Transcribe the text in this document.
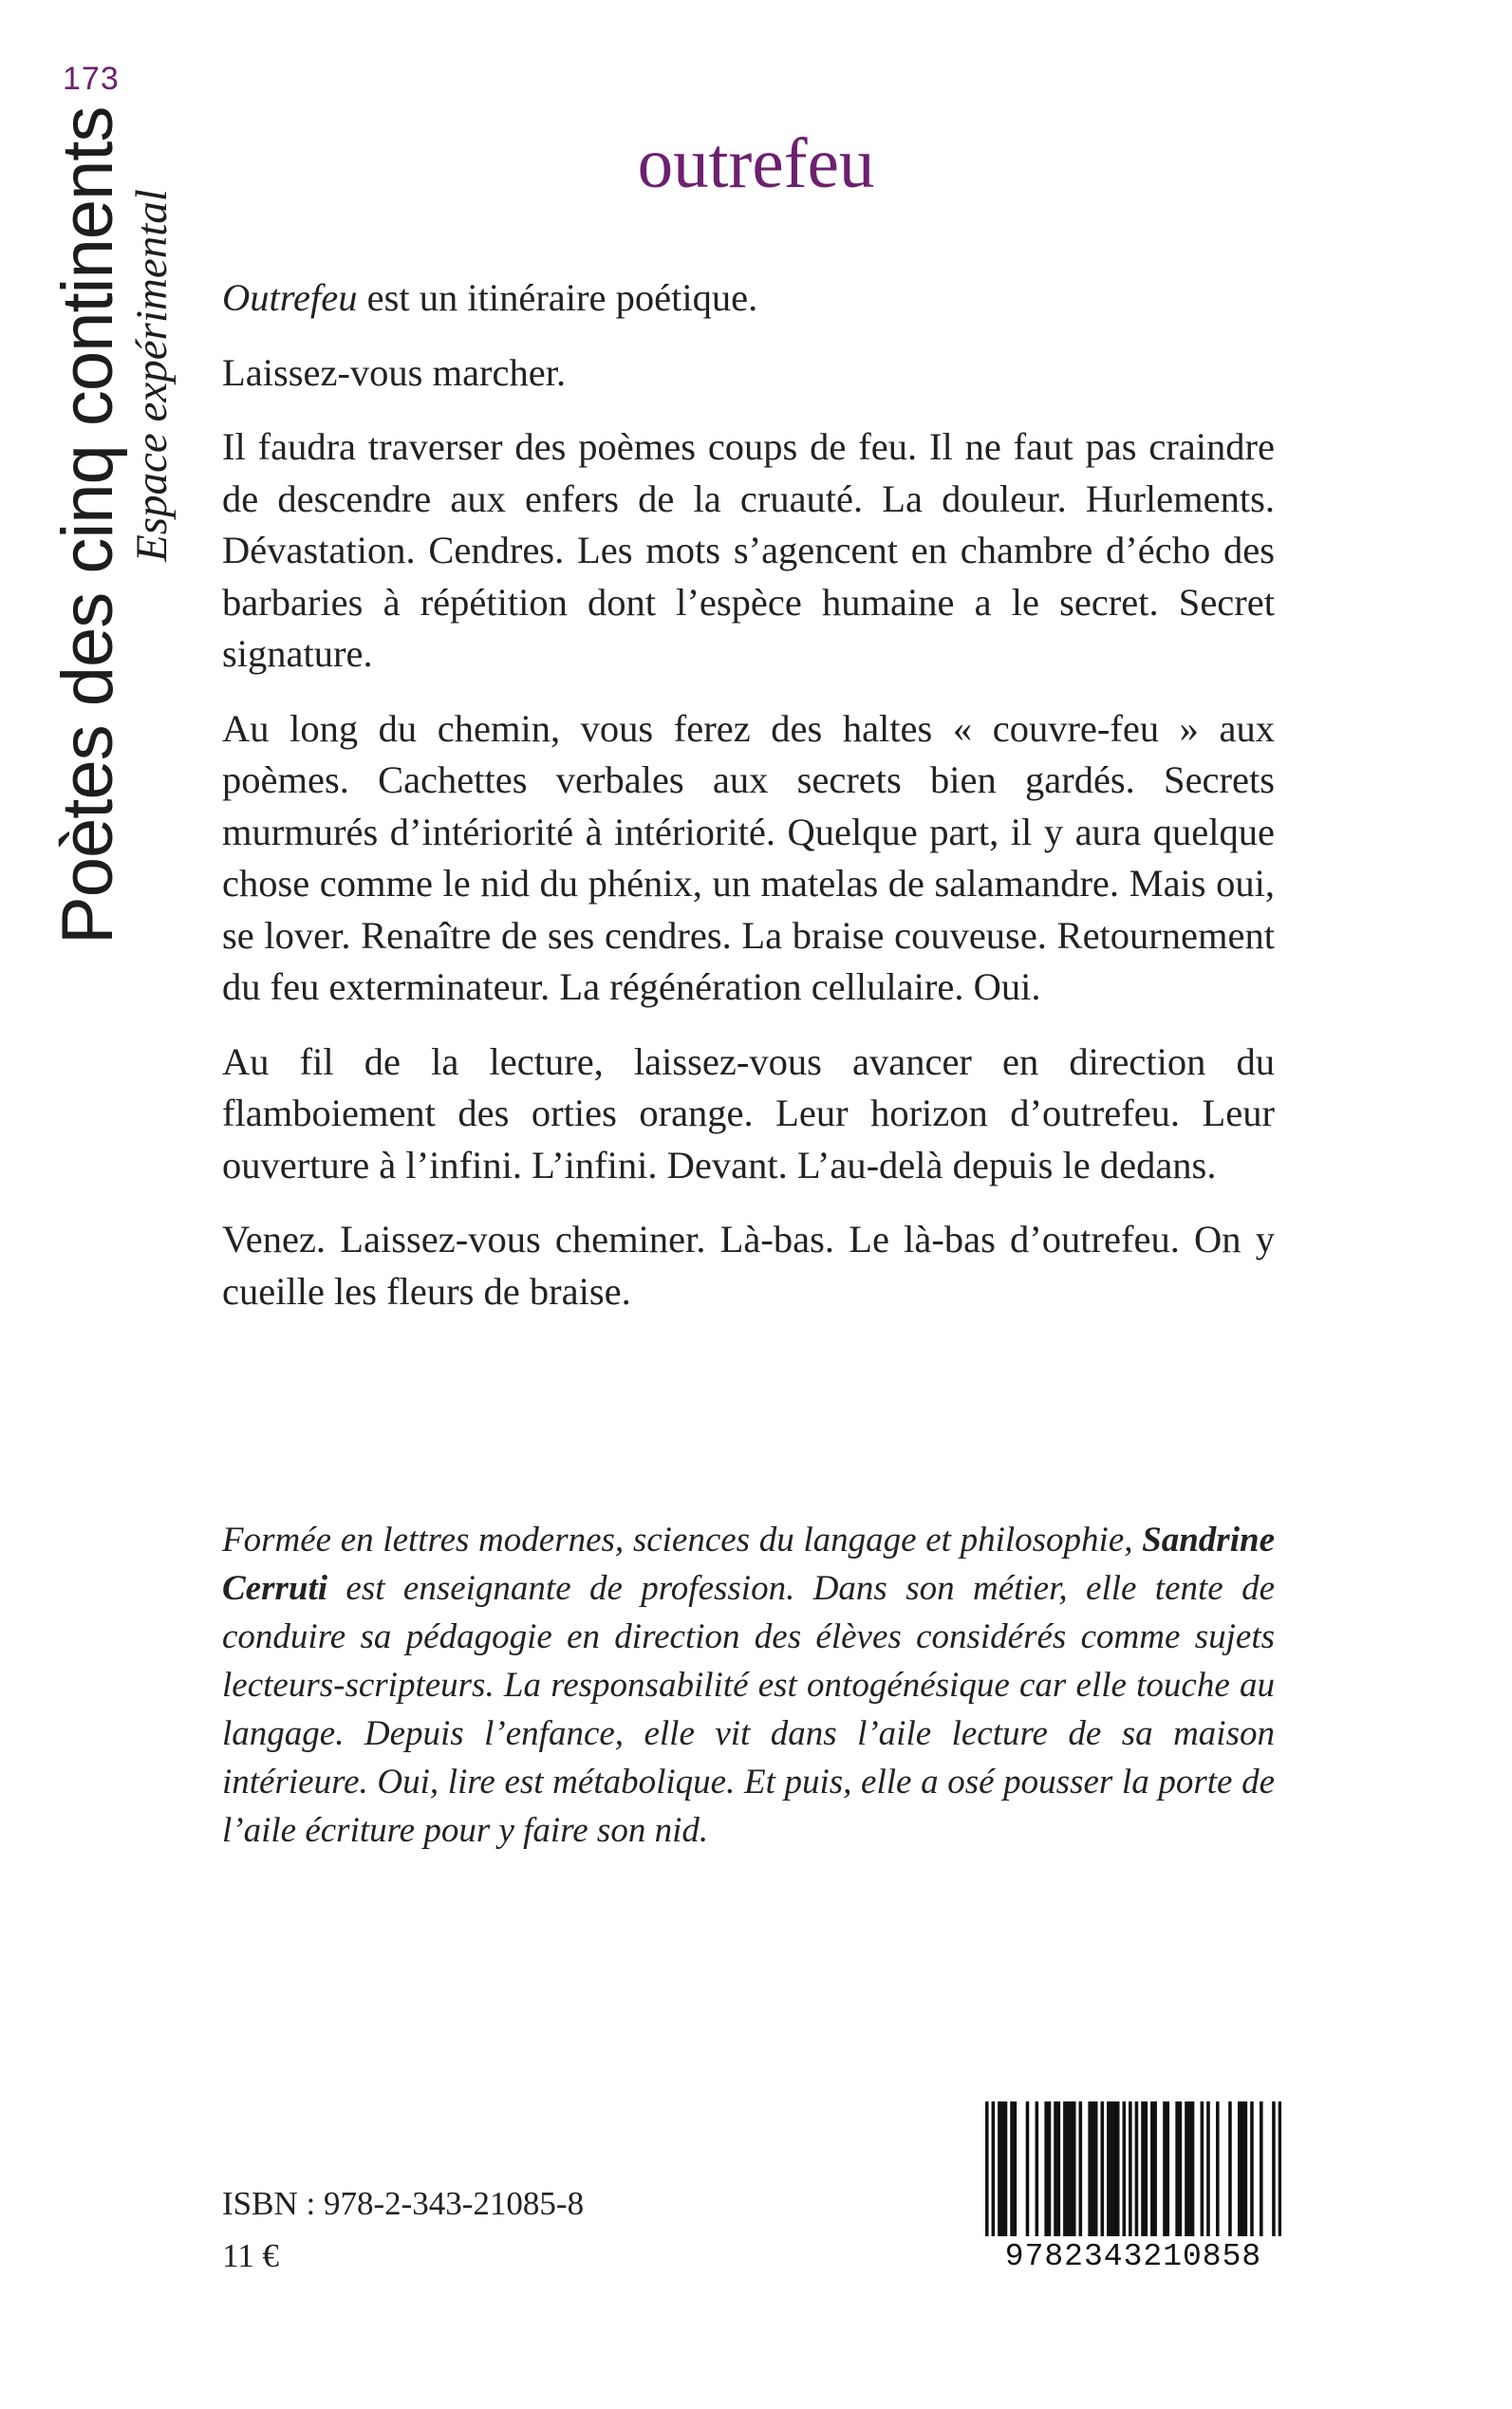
173
Poètes des cinq continents Espace expérimental
outrefeu

Outrefeu est un itinéraire poétique.

Laissez-vous marcher.

Il faudra traverser des poèmes coups de feu. Il ne faut pas craindre de descendre aux enfers de la cruauté. La douleur. Hurlements. Dévastation. Cendres. Les mots s’agencent en chambre d’écho des barbaries à répétition dont l’espèce humaine a le secret. Secret signature.

Au long du chemin, vous ferez des haltes « couvre-feu » aux poèmes. Cachettes verbales aux secrets bien gardés. Secrets murmurés d’intériorité à intériorité. Quelque part, il y aura quelque chose comme le nid du phénix, un matelas de salamandre. Mais oui, se lover. Renaître de ses cendres. La braise couveuse. Retournement du feu exterminateur. La régénération cellulaire. Oui.

Au fil de la lecture, laissez-vous avancer en direction du flamboiement des orties orange. Leur horizon d’outrefeu. Leur ouverture à l’infini. L’infini. Devant. L’au-delà depuis le dedans.

Venez. Laissez-vous cheminer. Là-bas. Le là-bas d’outrefeu. On y cueille les fleurs de braise.

Formée en lettres modernes, sciences du langage et philosophie, Sandrine Cerruti est enseignante de profession. Dans son métier, elle tente de conduire sa pédagogie en direction des élèves considérés comme sujets lecteurs-scripteurs. La responsabilité est ontogénésique car elle touche au langage. Depuis l’enfance, elle vit dans l’aile lecture de sa maison intérieure. Oui, lire est métabolique. Et puis, elle a osé pousser la porte de l’aile écriture pour y faire son nid.

ISBN : 978-2-343-21085-8
11 €	9782343210858
